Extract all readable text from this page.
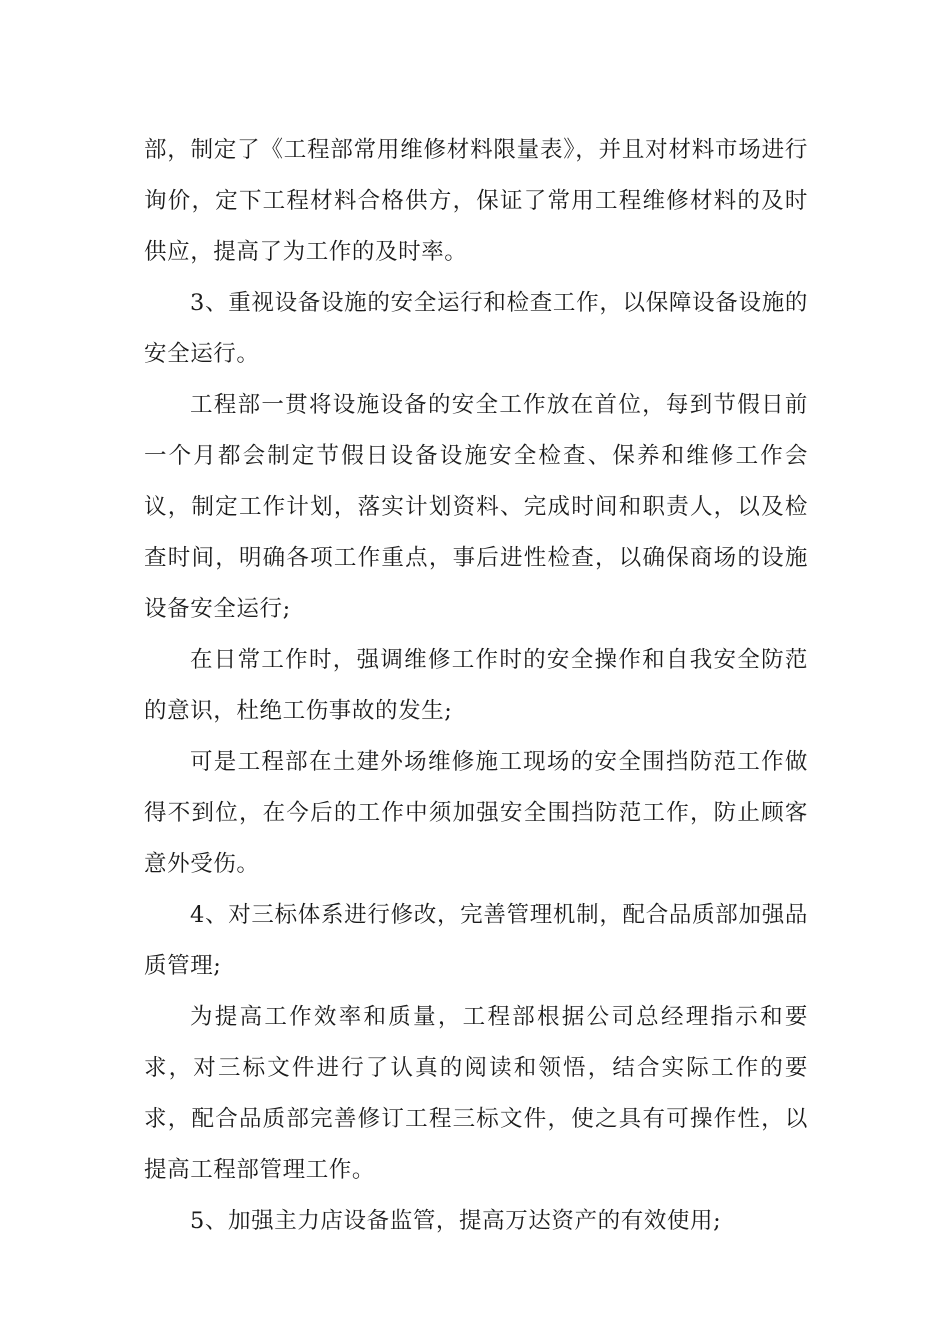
部，制定了《工程部常用维修材料限量表》，并且对材料市场进行询价，定下工程材料合格供方，保证了常用工程维修材料的及时供应，提高了为工作的及时率。

3、重视设备设施的安全运行和检查工作，以保障设备设施的安全运行。

工程部一贯将设施设备的安全工作放在首位，每到节假日前一个月都会制定节假日设备设施安全检查、保养和维修工作会议，制定工作计划，落实计划资料、完成时间和职责人，以及检查时间，明确各项工作重点，事后进性检查，以确保商场的设施设备安全运行;

在日常工作时，强调维修工作时的安全操作和自我安全防范的意识，杜绝工伤事故的发生;

可是工程部在土建外场维修施工现场的安全围挡防范工作做得不到位，在今后的工作中须加强安全围挡防范工作，防止顾客意外受伤。

4、对三标体系进行修改，完善管理机制，配合品质部加强品质管理;

为提高工作效率和质量，工程部根据公司总经理指示和要求，对三标文件进行了认真的阅读和领悟，结合实际工作的要求，配合品质部完善修订工程三标文件，使之具有可操作性，以提高工程部管理工作。

5、加强主力店设备监管，提高万达资产的有效使用;
